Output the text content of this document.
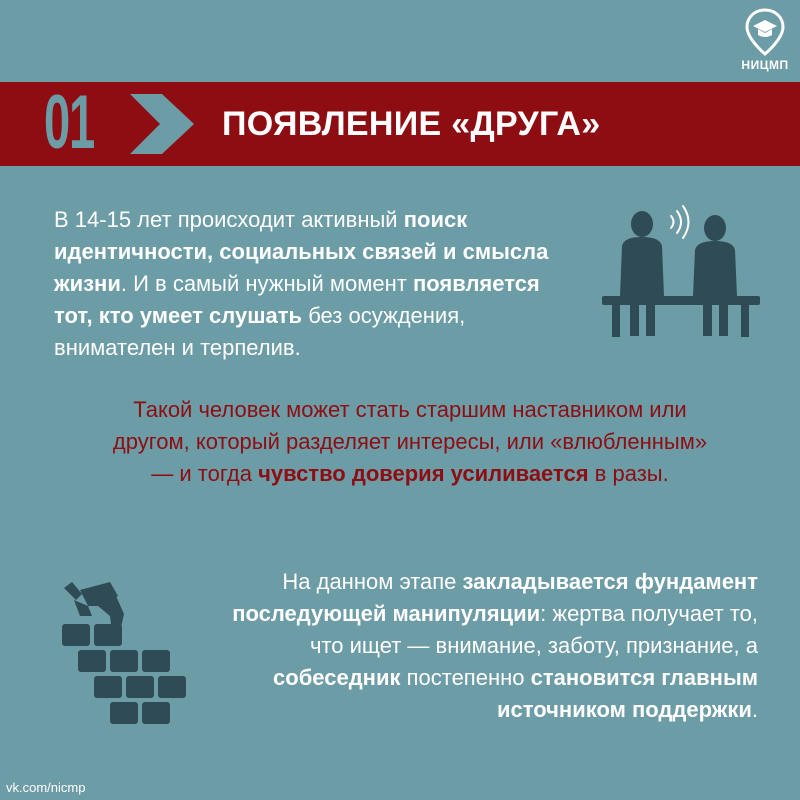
НИЦМП
01	ПОЯВЛЕНИЕ «ДРУГА»

В 14-15 лет происходит активный поиск идентичности, социальных связей и смысла жизни. И в самый нужный момент появляется тот, кто умеет слушать без осуждения, внимателен и терпелив.

Такой человек может стать старшим наставником или другом, который разделяет интересы, или «влюбленным» — и тогда чувство доверия усиливается в разы.

На данном этапе закладывается фундамент последующей манипуляции: жертва получает то, что ищет — внимание, заботу, признание, а собеседник постепенно становится главным источником поддержки.

vk.com/nicmp
